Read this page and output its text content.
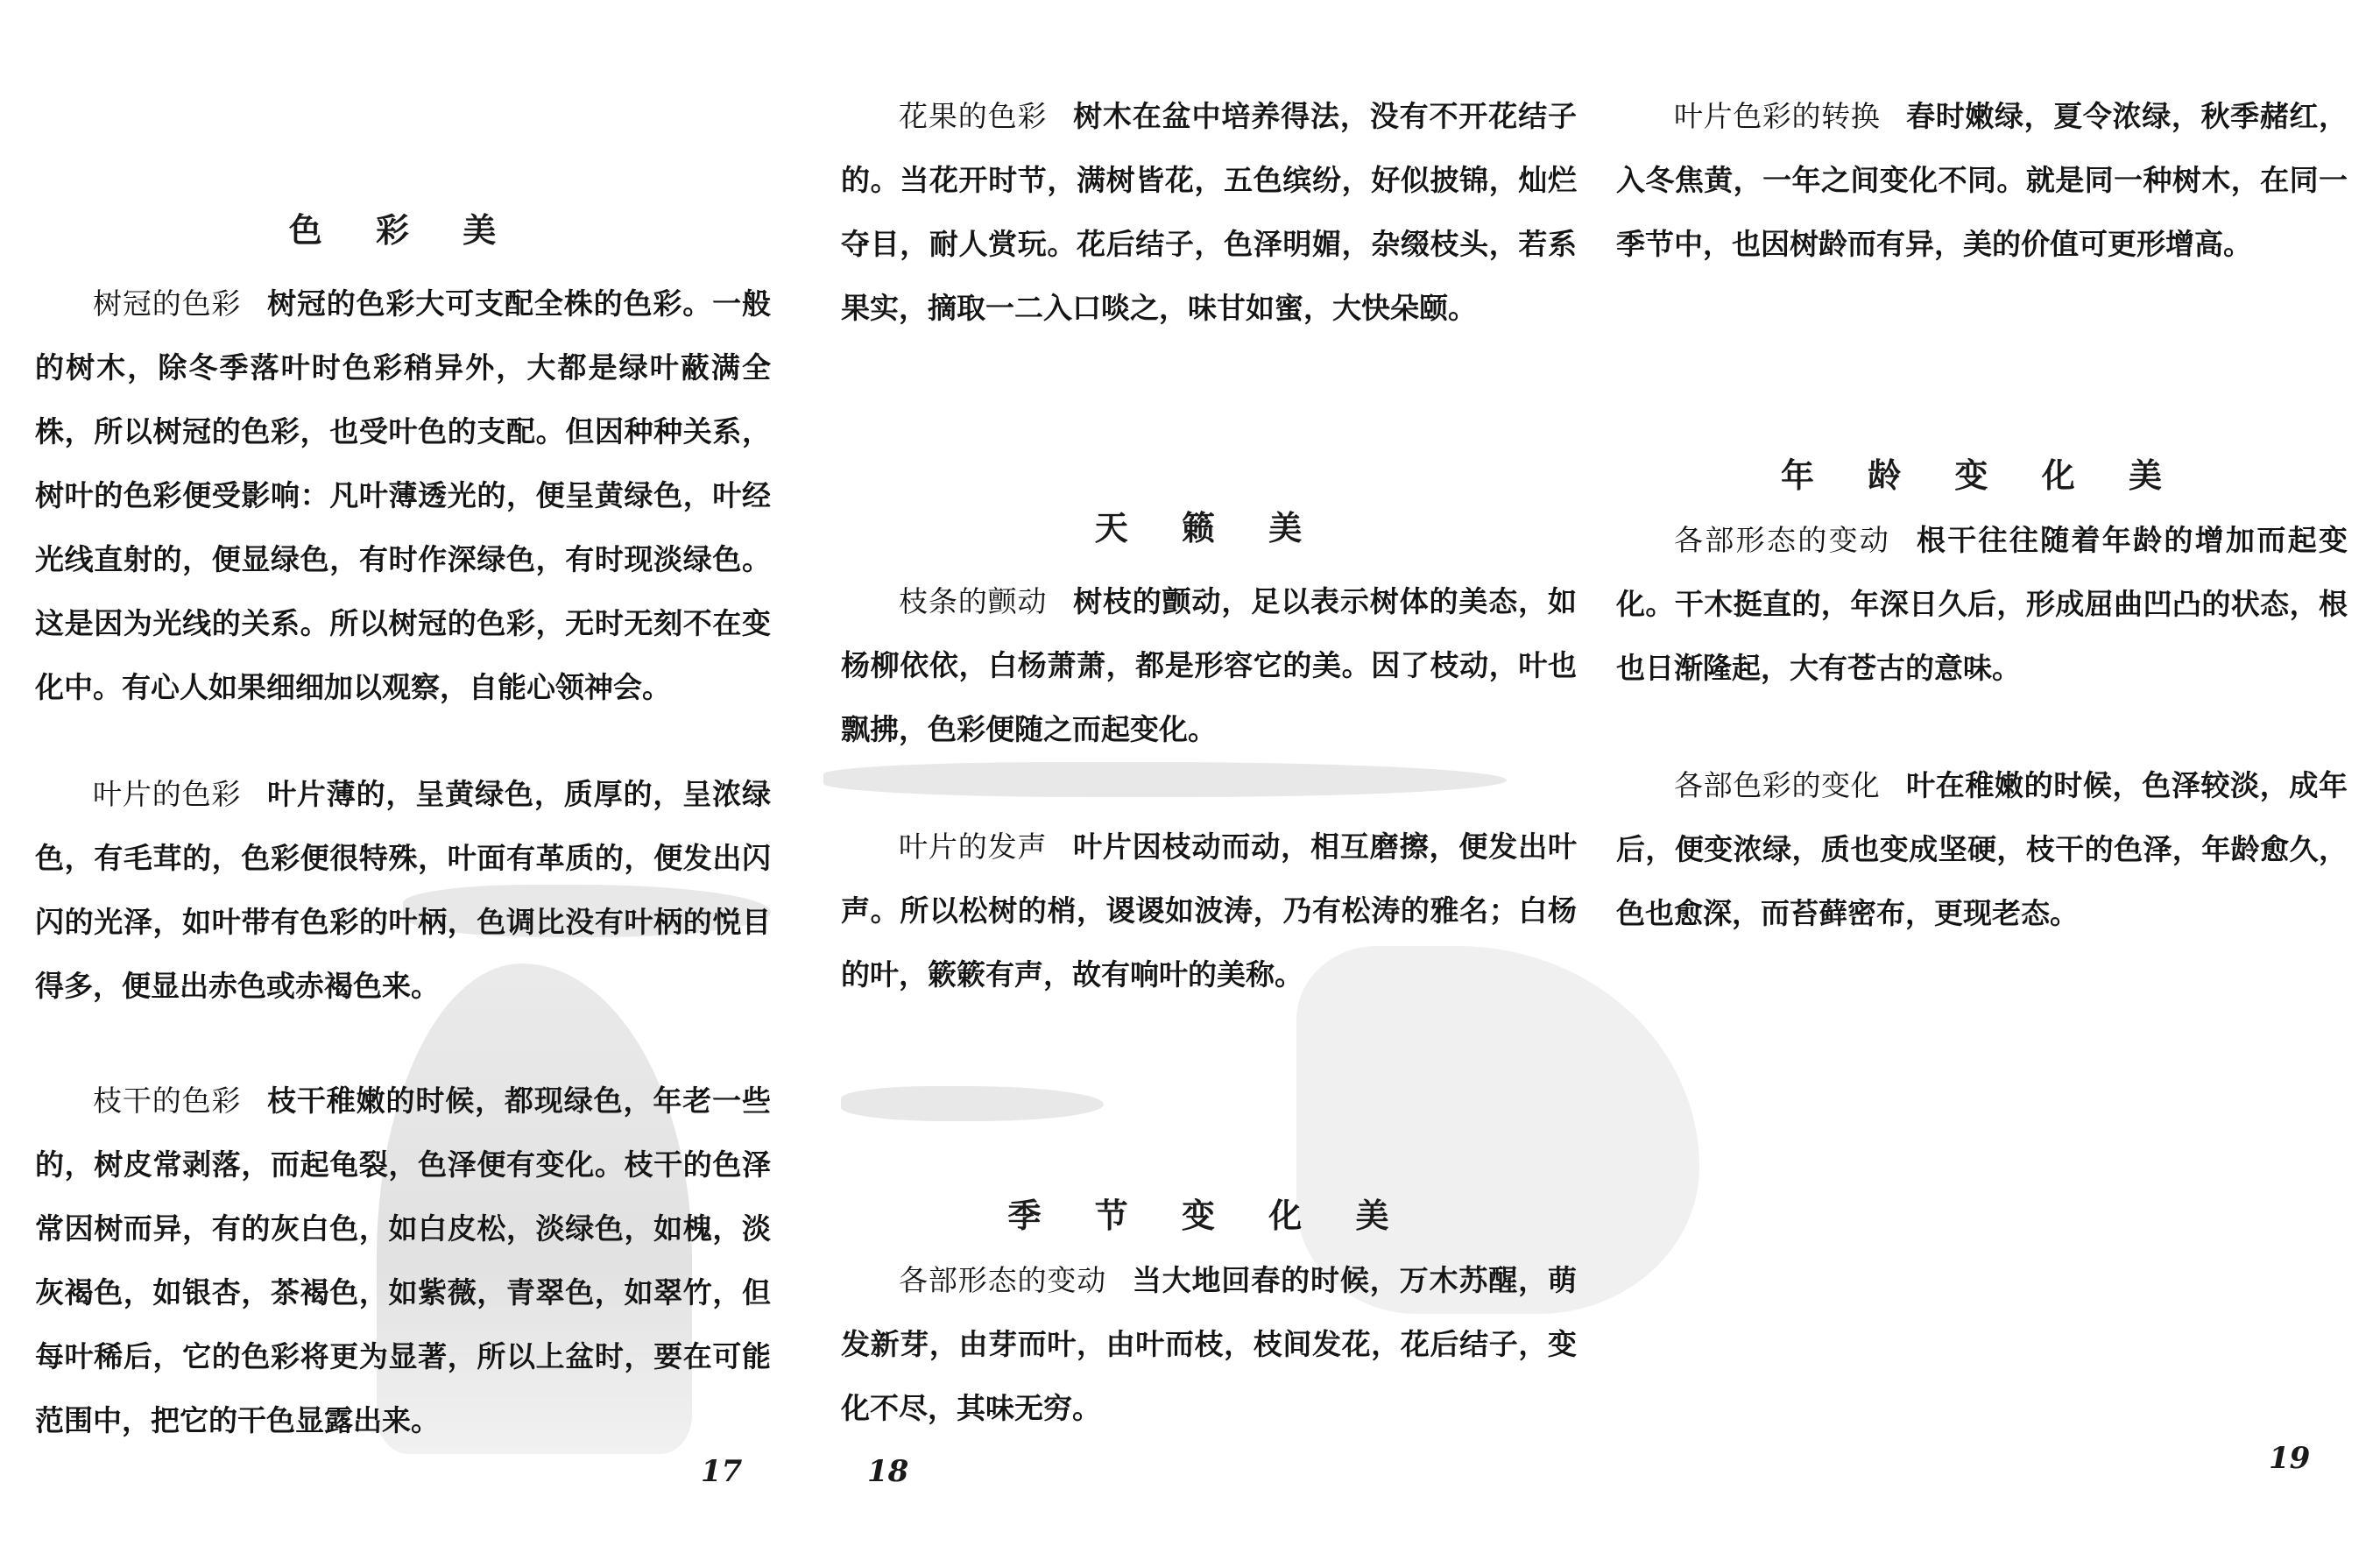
色 彩 美

树冠的色彩 树冠的色彩大可支配全株的色彩。一般的树木，除冬季落叶时色彩稍异外，大都是绿叶蔽满全株，所以树冠的色彩，也受叶色的支配。但因种种关系，树叶的色彩便受影响：凡叶薄透光的，便呈黄绿色，叶经光线直射的，便显绿色，有时作深绿色，有时现淡绿色。这是因为光线的关系。所以树冠的色彩，无时无刻不在变化中。有心人如果细细加以观察，自能心领神会。

叶片的色彩 叶片薄的，呈黄绿色，质厚的，呈浓绿色，有毛茸的，色彩便很特殊，叶面有革质的，便发出闪闪的光泽，如叶带有色彩的叶柄，色调比没有叶柄的悦目得多，便显出赤色或赤褐色来。

枝干的色彩 枝干稚嫩的时候，都现绿色，年老一些的，树皮常剥落，而起龟裂，色泽便有变化。枝干的色泽常因树而异，有的灰白色，如白皮松，淡绿色，如槐，淡灰褐色，如银杏，茶褐色，如紫薇，青翠色，如翠竹，但每叶稀后，它的色彩将更为显著，所以上盆时，要在可能范围中，把它的干色显露出来。

花果的色彩 树木在盆中培养得法，没有不开花结子的。当花开时节，满树皆花，五色缤纷，好似披锦，灿烂夺目，耐人赏玩。花后结子，色泽明媚，杂缀枝头，若系果实，摘取一二入口啖之，味甘如蜜，大快朵颐。

天 籁 美

枝条的颤动 树枝的颤动，足以表示树体的美态，如杨柳依依，白杨萧萧，都是形容它的美。因了枝动，叶也飘拂，色彩便随之而起变化。

叶片的发声 叶片因枝动而动，相互磨擦，便发出叶声。所以松树的梢，谡谡如波涛，乃有松涛的雅名；白杨的叶，簌簌有声，故有响叶的美称。

季 节 变 化 美

各部形态的变动 当大地回春的时候，万木苏醒，萌发新芽，由芽而叶，由叶而枝，枝间发花，花后结子，变化不尽，其味无穷。

叶片色彩的转换 春时嫩绿，夏令浓绿，秋季赭红，入冬焦黄，一年之间变化不同。就是同一种树木，在同一季节中，也因树龄而有异，美的价值可更形增高。

年 龄 变 化 美

各部形态的变动 根干往往随着年龄的增加而起变化。干木挺直的，年深日久后，形成屈曲凹凸的状态，根也日渐隆起，大有苍古的意味。

各部色彩的变化 叶在稚嫩的时候，色泽较淡，成年后，便变浓绿，质也变成坚硬，枝干的色泽，年龄愈久，色也愈深，而苔藓密布，更现老态。

17	18	19
